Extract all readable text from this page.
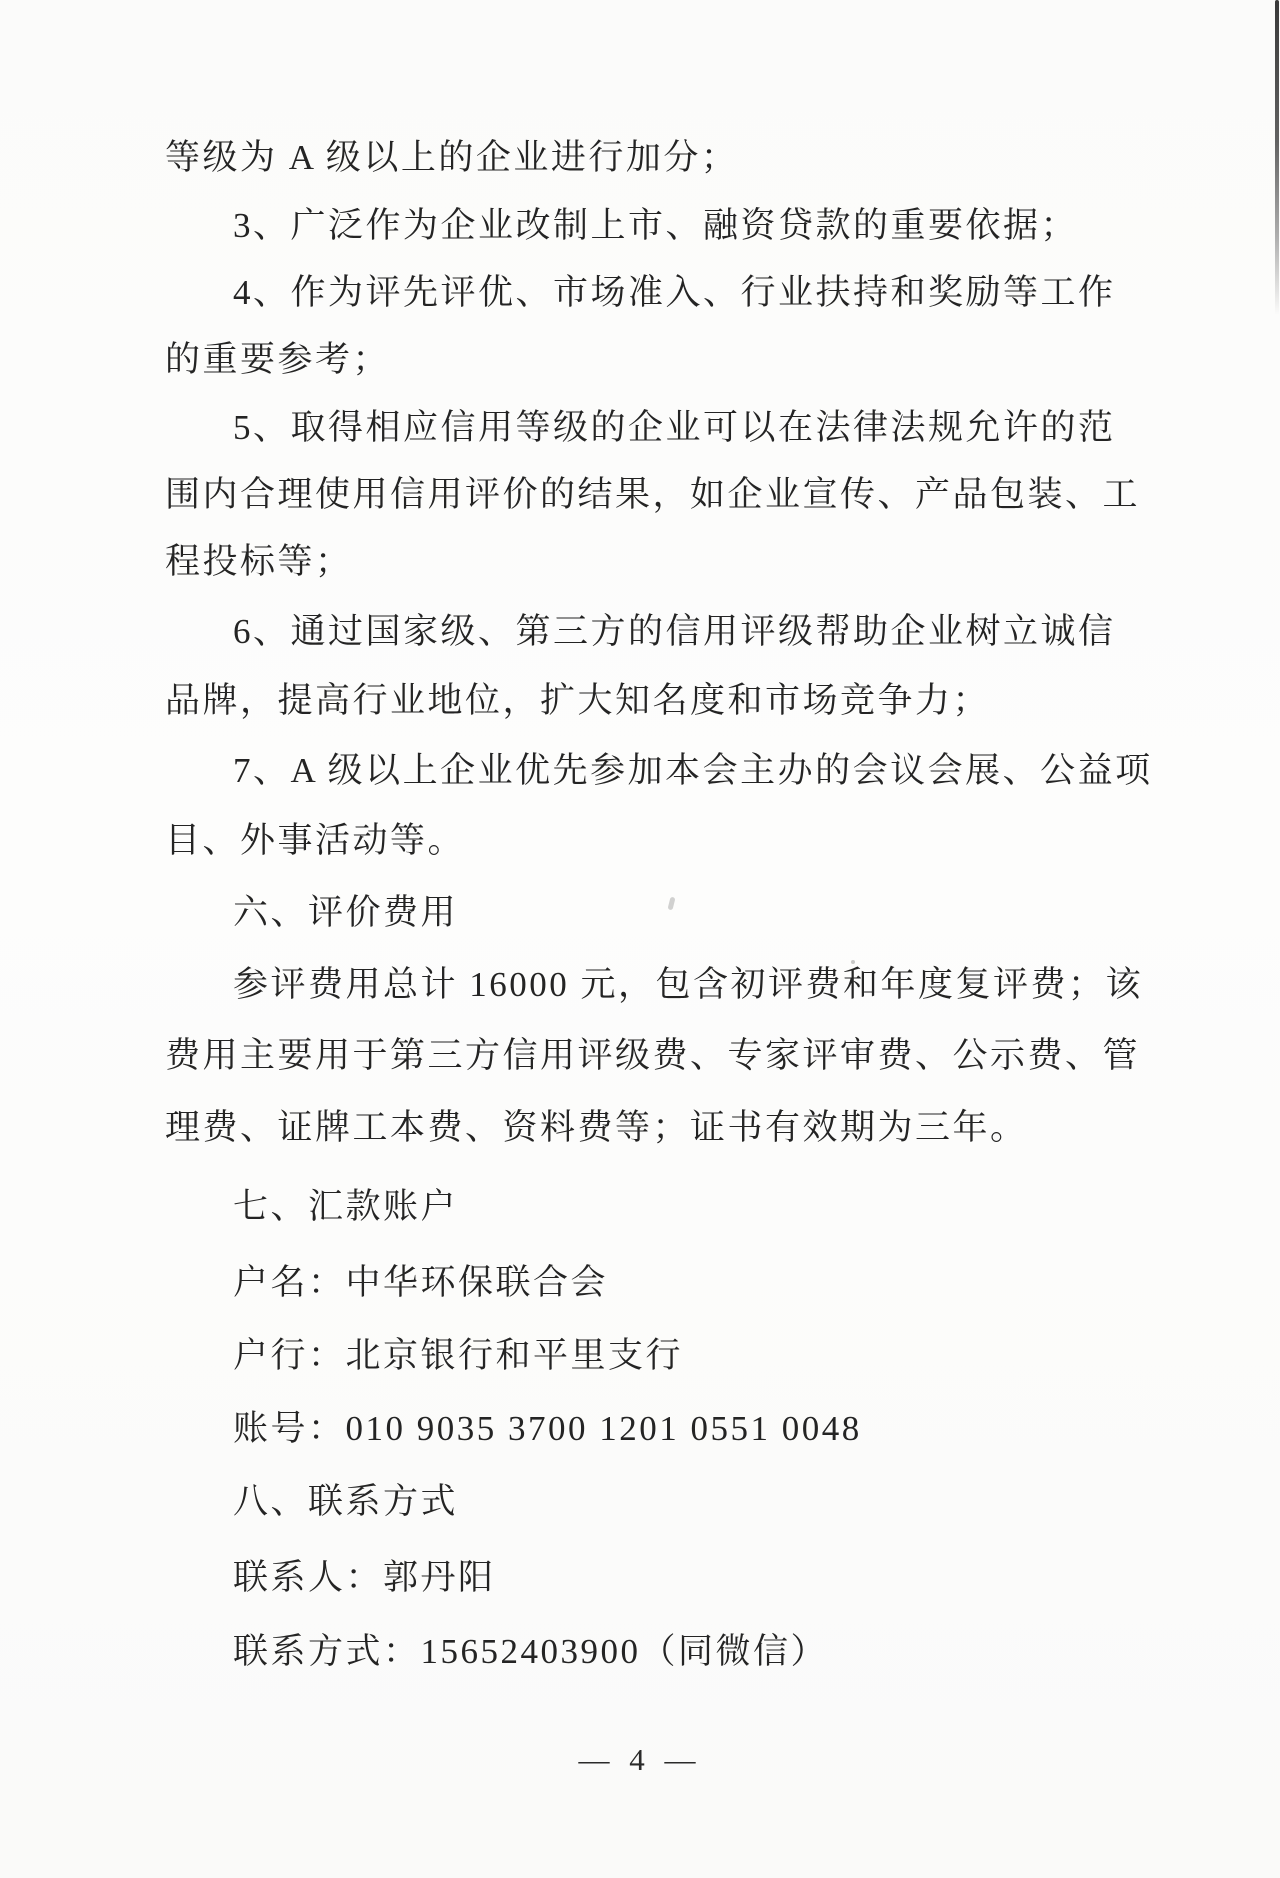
等级为 A 级以上的企业进行加分；
3、广泛作为企业改制上市、融资贷款的重要依据；
4、作为评先评优、市场准入、行业扶持和奖励等工作
的重要参考；
5、取得相应信用等级的企业可以在法律法规允许的范
围内合理使用信用评价的结果，如企业宣传、产品包装、工
程投标等；
6、通过国家级、第三方的信用评级帮助企业树立诚信
品牌，提高行业地位，扩大知名度和市场竞争力；
7、A 级以上企业优先参加本会主办的会议会展、公益项
目、外事活动等。
六、评价费用
参评费用总计 16000 元，包含初评费和年度复评费；该
费用主要用于第三方信用评级费、专家评审费、公示费、管
理费、证牌工本费、资料费等；证书有效期为三年。
七、汇款账户
户名：中华环保联合会
户行：北京银行和平里支行
账号：010 9035 3700 1201 0551 0048
八、联系方式
联系人：郭丹阳
联系方式：15652403900（同微信）
— 4 —
